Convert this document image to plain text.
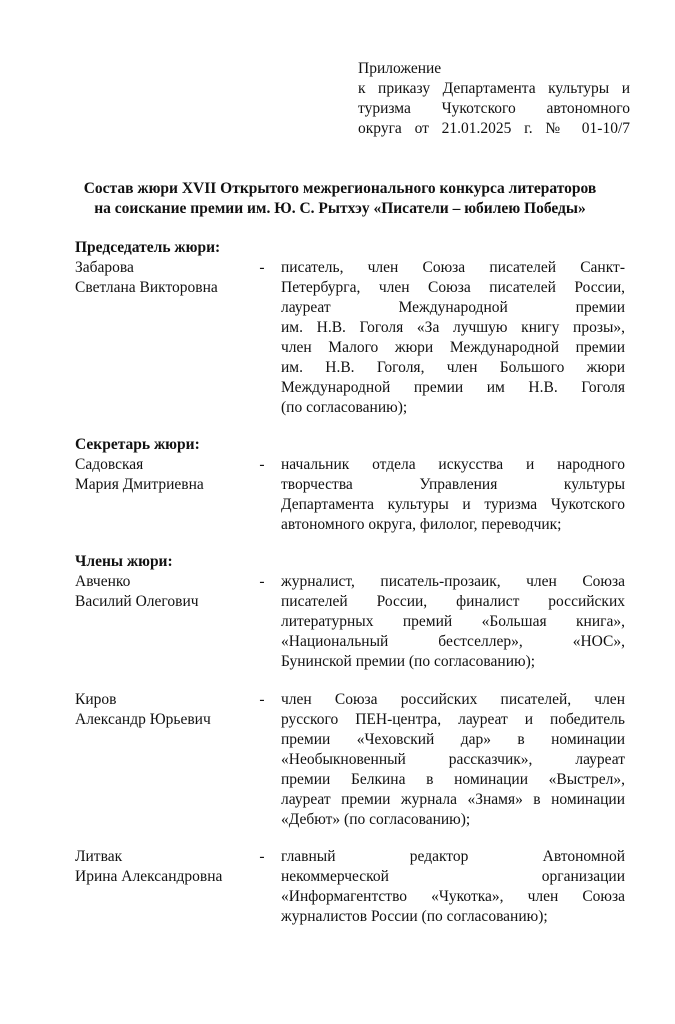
Приложение
к приказу Департамента культуры и
туризма Чукотского автономного
округа от 21.01.2025 г. № 01-10/7
Состав жюри XVII Открытого межрегионального конкурса литераторов
на соискание премии им. Ю. С. Рытхэу «Писатели – юбилею Победы»
Председатель жюри:
Забарова
Светлана Викторовна
- писатель, член Союза писателей Санкт-
Петербурга, член Союза писателей России,
лауреат Международной премии
им. Н.В. Гоголя «За лучшую книгу прозы»,
член Малого жюри Международной премии
им. Н.В. Гоголя, член Большого жюри
Международной премии им Н.В. Гоголя
(по согласованию);
Секретарь жюри:
Садовская
Мария Дмитриевна
- начальник отдела искусства и народного
творчества Управления культуры
Департамента культуры и туризма Чукотского
автономного округа, филолог, переводчик;
Члены жюри:
Авченко
Василий Олегович
- журналист, писатель-прозаик, член Союза
писателей России, финалист российских
литературных премий «Большая книга»,
«Национальный бестселлер», «НОС»,
Бунинской премии (по согласованию);
Киров
Александр Юрьевич
- член Союза российских писателей, член
русского ПЕН-центра, лауреат и победитель
премии «Чеховский дар» в номинации
«Необыкновенный рассказчик», лауреат
премии Белкина в номинации «Выстрел»,
лауреат премии журнала «Знамя» в номинации
«Дебют» (по согласованию);
Литвак
Ирина Александровна
- главный редактор Автономной
некоммерческой организации
«Информагентство «Чукотка», член Союза
журналистов России (по согласованию);
